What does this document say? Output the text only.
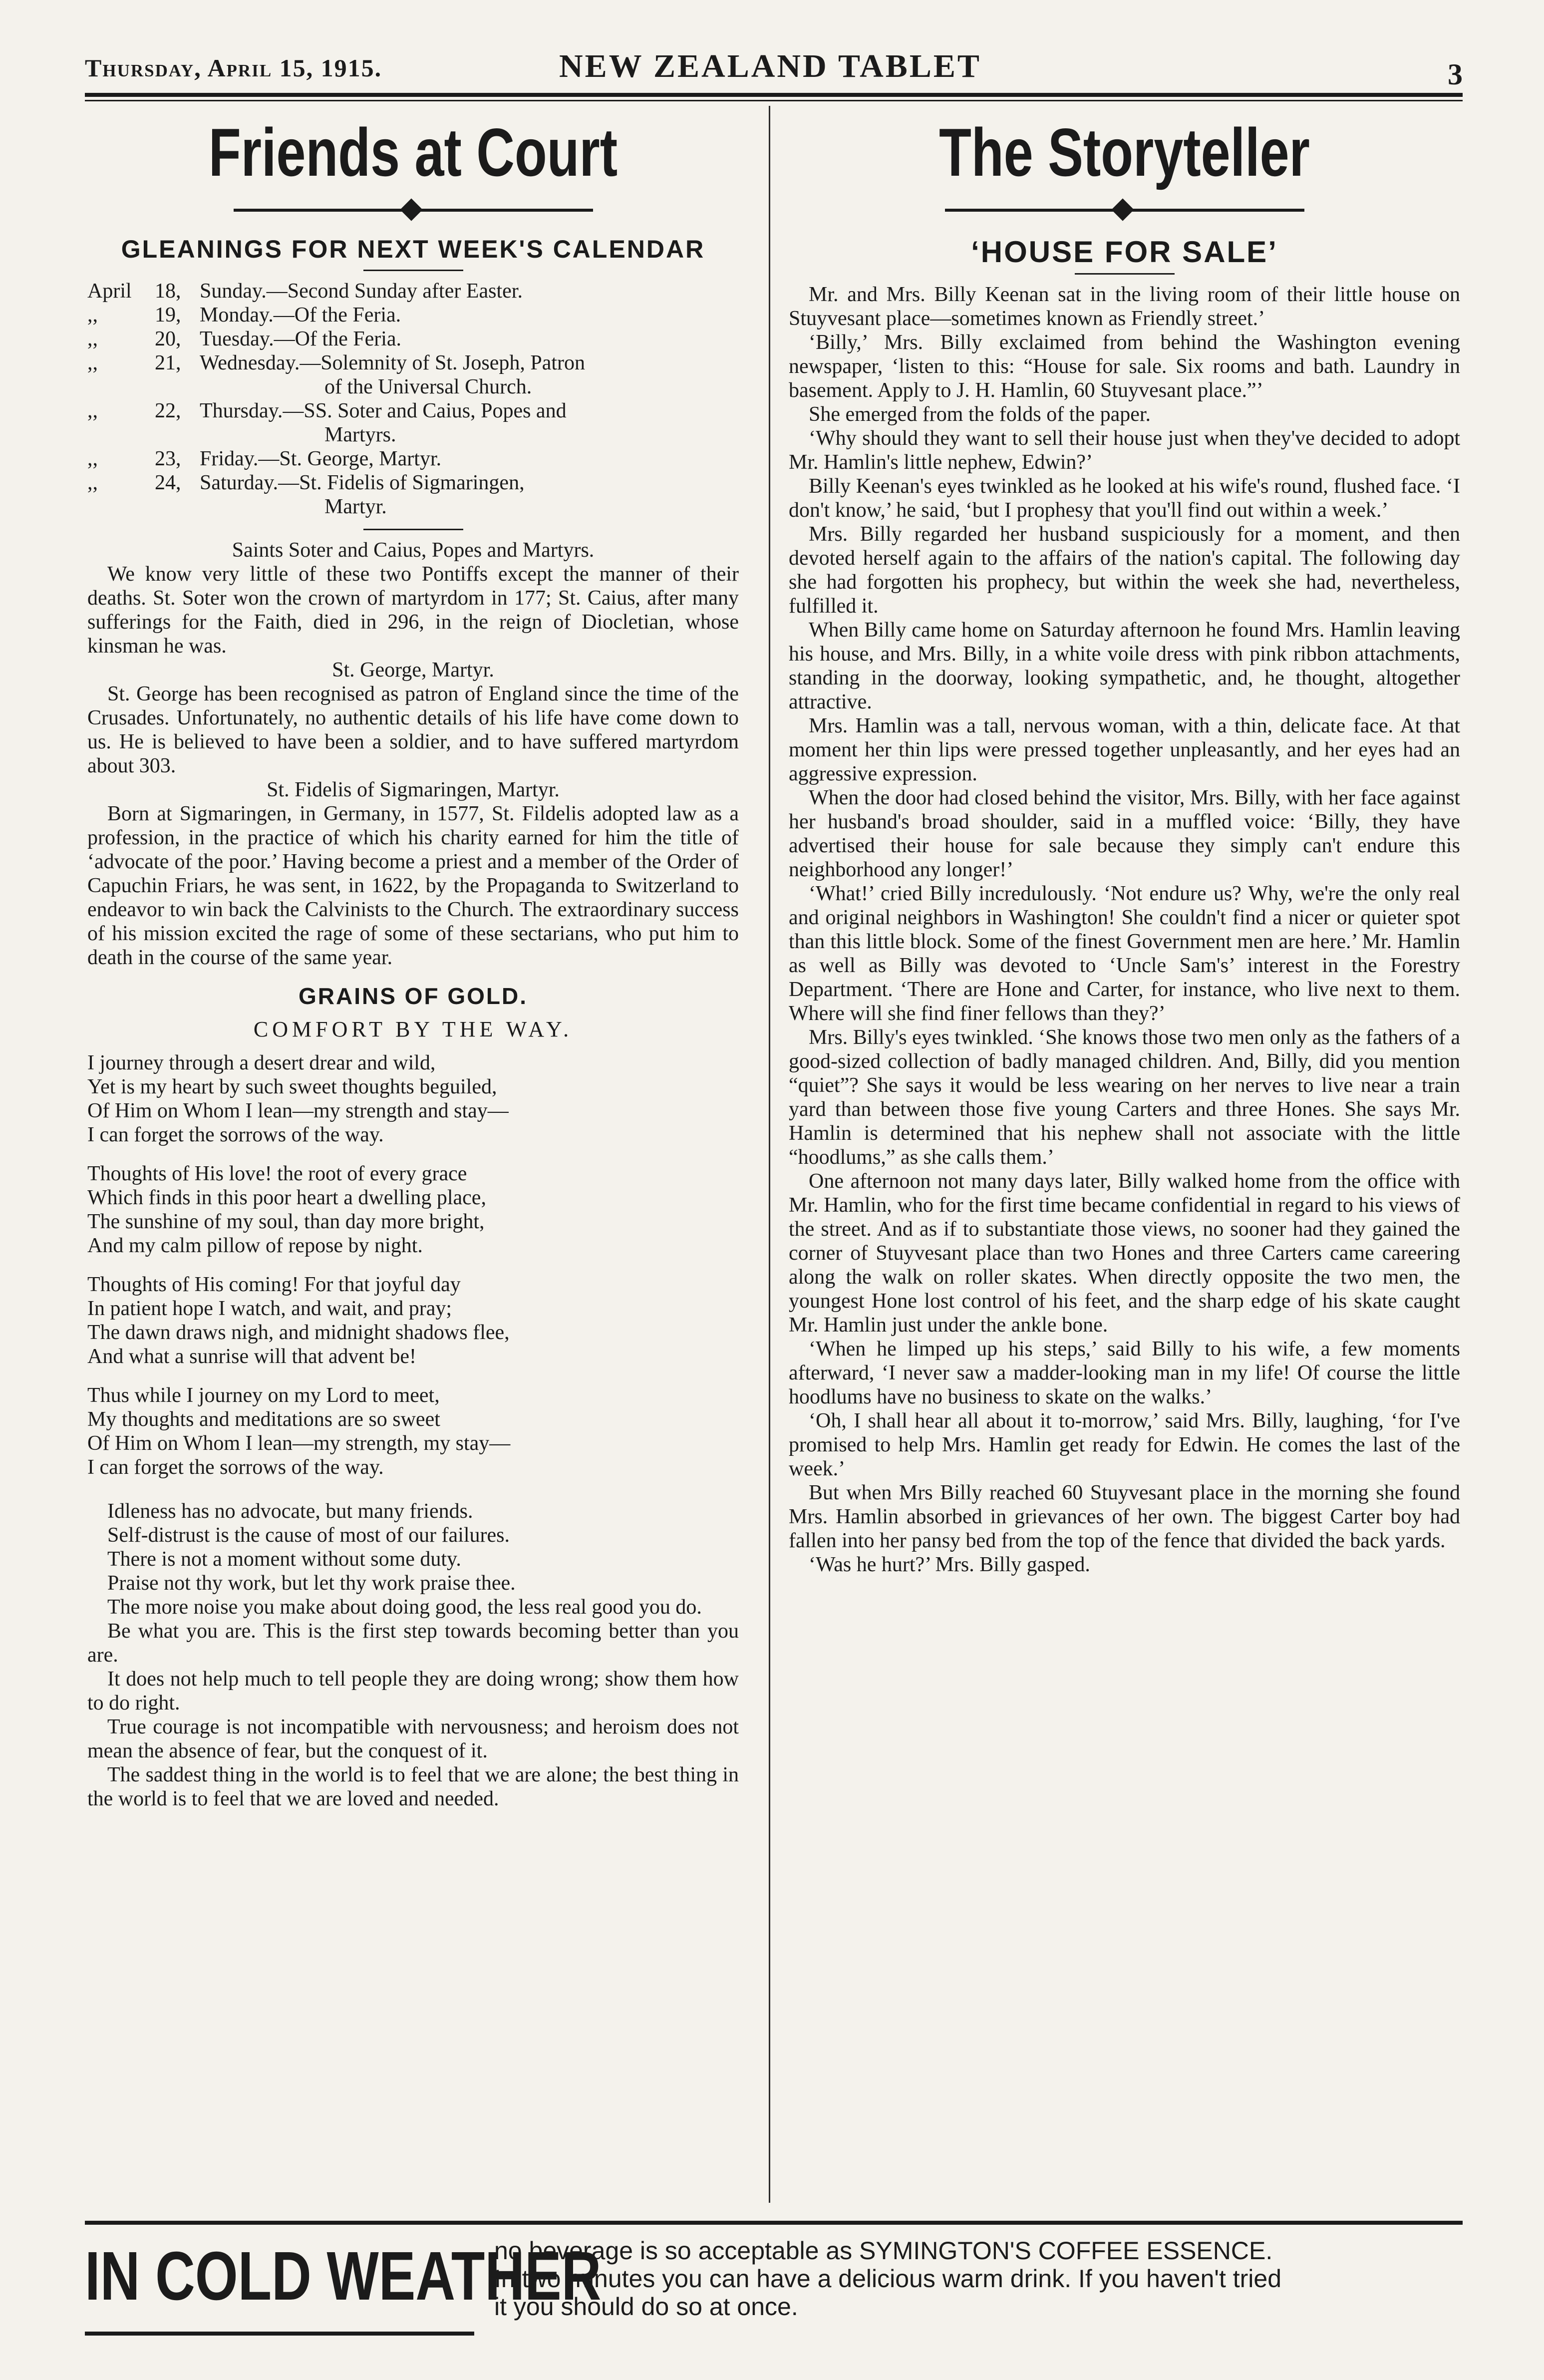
Thursday, April 15, 1915.	NEW ZEALAND TABLET	3
Friends at Court
GLEANINGS FOR NEXT WEEK'S CALENDAR
April	18, Sunday.—Second Sunday after Easter.
,,	19, Monday.—Of the Feria.
,,	20, Tuesday.—Of the Feria.
,,	21, Wednesday.—Solemnity of St. Joseph, Patron
of the Universal Church.
,,	22, Thursday.—SS. Soter and Caius, Popes and
Martyrs.
,,	23, Friday.—St. George, Martyr.
,,	24, Saturday.—St. Fidelis of Sigmaringen,
Martyr.

Saints Soter and Caius, Popes and Martyrs.

We know very little of these two Pontiffs except the manner of their deaths. St. Soter won the crown of martyrdom in 177; St. Caius, after many sufferings for the Faith, died in 296, in the reign of Diocletian, whose kinsman he was.

St. George, Martyr.

St. George has been recognised as patron of England since the time of the Crusades. Unfortunately, no authentic details of his life have come down to us. He is believed to have been a soldier, and to have suffered martyrdom about 303.

St. Fidelis of Sigmaringen, Martyr.

Born at Sigmaringen, in Germany, in 1577, St. Fildelis adopted law as a profession, in the practice of which his charity earned for him the title of ‘advocate of the poor.’ Having become a priest and a member of the Order of Capuchin Friars, he was sent, in 1622, by the Propaganda to Switzerland to endeavor to win back the Calvinists to the Church. The extraordinary success of his mission excited the rage of some of these sectarians, who put him to death in the course of the same year.

GRAINS OF GOLD.
COMFORT BY THE WAY.
I journey through a desert drear and wild,
Yet is my heart by such sweet thoughts beguiled,
Of Him on Whom I lean—my strength and stay—
I can forget the sorrows of the way.
Thoughts of His love! the root of every grace
Which finds in this poor heart a dwelling place,
The sunshine of my soul, than day more bright,
And my calm pillow of repose by night.
Thoughts of His coming! For that joyful day
In patient hope I watch, and wait, and pray;
The dawn draws nigh, and midnight shadows flee,
And what a sunrise will that advent be!
Thus while I journey on my Lord to meet,
My thoughts and meditations are so sweet
Of Him on Whom I lean—my strength, my stay—
I can forget the sorrows of the way.

Idleness has no advocate, but many friends.

Self-distrust is the cause of most of our failures.

There is not a moment without some duty.

Praise not thy work, but let thy work praise thee.

The more noise you make about doing good, the less real good you do.

Be what you are. This is the first step towards becoming better than you are.

It does not help much to tell people they are doing wrong; show them how to do right.

True courage is not incompatible with nervousness; and heroism does not mean the absence of fear, but the conquest of it.

The saddest thing in the world is to feel that we are alone; the best thing in the world is to feel that we are loved and needed.

The Storyteller
‘HOUSE FOR SALE’

Mr. and Mrs. Billy Keenan sat in the living room of their little house on Stuyvesant place—sometimes known as Friendly street.’

‘Billy,’ Mrs. Billy exclaimed from behind the Washington evening newspaper, ‘listen to this: “House for sale. Six rooms and bath. Laundry in basement. Apply to J. H. Hamlin, 60 Stuyvesant place.”’

She emerged from the folds of the paper.

‘Why should they want to sell their house just when they've decided to adopt Mr. Hamlin's little nephew, Edwin?’

Billy Keenan's eyes twinkled as he looked at his wife's round, flushed face. ‘I don't know,’ he said, ‘but I prophesy that you'll find out within a week.’

Mrs. Billy regarded her husband suspiciously for a moment, and then devoted herself again to the affairs of the nation's capital. The following day she had forgotten his prophecy, but within the week she had, nevertheless, fulfilled it.

When Billy came home on Saturday afternoon he found Mrs. Hamlin leaving his house, and Mrs. Billy, in a white voile dress with pink ribbon attachments, standing in the doorway, looking sympathetic, and, he thought, altogether attractive.

Mrs. Hamlin was a tall, nervous woman, with a thin, delicate face. At that moment her thin lips were pressed together unpleasantly, and her eyes had an aggressive expression.

When the door had closed behind the visitor, Mrs. Billy, with her face against her husband's broad shoulder, said in a muffled voice: ‘Billy, they have advertised their house for sale because they simply can't endure this neighborhood any longer!’

‘What!’ cried Billy incredulously. ‘Not endure us? Why, we're the only real and original neighbors in Washington! She couldn't find a nicer or quieter spot than this little block. Some of the finest Government men are here.’ Mr. Hamlin as well as Billy was devoted to ‘Uncle Sam's’ interest in the Forestry Department. ‘There are Hone and Carter, for instance, who live next to them. Where will she find finer fellows than they?’

Mrs. Billy's eyes twinkled. ‘She knows those two men only as the fathers of a good-sized collection of badly managed children. And, Billy, did you mention “quiet”? She says it would be less wearing on her nerves to live near a train yard than between those five young Carters and three Hones. She says Mr. Hamlin is determined that his nephew shall not associate with the little “hoodlums,” as she calls them.’

One afternoon not many days later, Billy walked home from the office with Mr. Hamlin, who for the first time became confidential in regard to his views of the street. And as if to substantiate those views, no sooner had they gained the corner of Stuyvesant place than two Hones and three Carters came careering along the walk on roller skates. When directly opposite the two men, the youngest Hone lost control of his feet, and the sharp edge of his skate caught Mr. Hamlin just under the ankle bone.

‘When he limped up his steps,’ said Billy to his wife, a few moments afterward, ‘I never saw a madder-looking man in my life! Of course the little hoodlums have no business to skate on the walks.’

‘Oh, I shall hear all about it to-morrow,’ said Mrs. Billy, laughing, ‘for I've promised to help Mrs. Hamlin get ready for Edwin. He comes the last of the week.’

But when Mrs Billy reached 60 Stuyvesant place in the morning she found Mrs. Hamlin absorbed in grievances of her own. The biggest Carter boy had fallen into her pansy bed from the top of the fence that divided the back yards.

‘Was he hurt?’ Mrs. Billy gasped.

IN COLD WEATHER
no beverage is so acceptable as SYMINGTON'S COFFEE ESSENCE.
In two minutes you can have a delicious warm drink. If you haven't tried
it you should do so at once.
